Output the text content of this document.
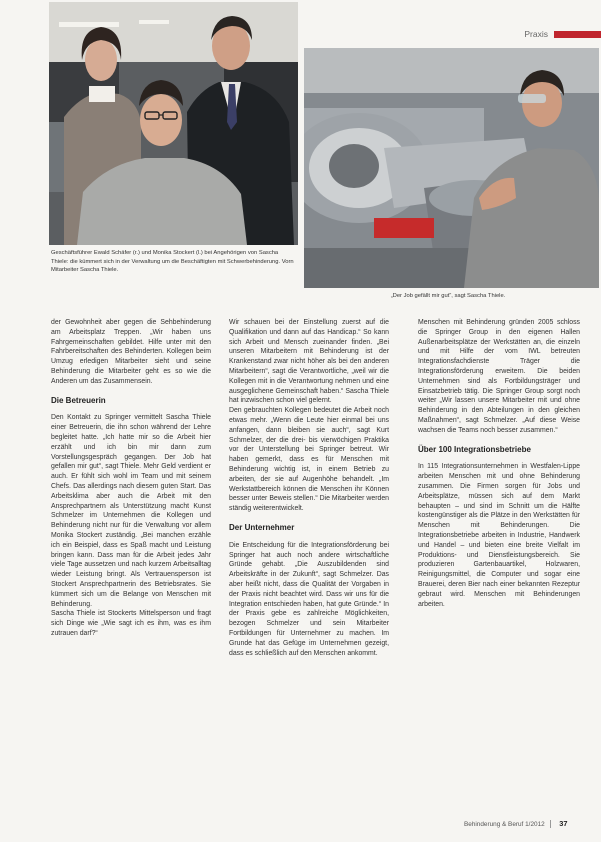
Praxis
Geschäftsführer Ewald Schäfer (r.) und Monika Stockert (l.) bei Angehörigen von Sascha Thiele: die kümmert sich in der Verwaltung um die Beschäftigten mit Schwerbehinderung. Vorn Mitarbeiter Sascha Thiele.
„Der Job gefällt mir gut“, sagt Sascha Thiele.

der Gewohnheit aber gegen die Sehbehinderung am Arbeitsplatz Treppen. „Wir haben uns Fahrgemeinschaften gebildet. Hilfe unter mit den Fahrbereitschaften des Behinderten. Kollegen beim Umzug erledigen Mitarbeiter sieht und seine Behinderung die Mitarbeiter geht es so wie die Anderen um das Zusammensein.

Die Betreuerin

Den Kontakt zu Springer vermittelt Sascha Thiele einer Betreuerin, die ihn schon während der Lehre begleitet hatte. „Ich hatte mir so die Arbeit hier erzählt und ich bin mir dann zum Vorstellungsgespräch gegangen. Der Job hat gefallen mir gut“, sagt Thiele. Mehr Geld verdient er auch. Er fühlt sich wohl im Team und mit seinem Chefs. Das allerdings nach diesem guten Start. Das Arbeitsklima aber auch die Arbeit mit den Ansprechpartnern als Unterstützung macht Kunst Schmelzer im Unternehmen die Kollegen und Behinderung nicht nur für die Verwaltung vor allem Monika Stockert zuständig. „Bei manchen erzähle ich ein Beispiel, dass es Spaß macht und Leistung bringen kann. Dass man für die Arbeit jedes Jahr viele Tage aussetzen und nach kurzem Arbeitsalltag wieder Leistung bringt. Als Vertrauensperson ist Stockert Ansprechpartnerin des Betriebsrates. Sie kümmert sich um die Belange von Menschen mit Behinderung.

Sascha Thiele ist Stockerts Mittelsperson und fragt sich Dinge wie „Wie sagt ich es ihm, was es ihm zutrauen darf?“

Wir schauen bei der Einstellung zuerst auf die Qualifikation und dann auf das Handicap.“ So kann sich Arbeit und Mensch zueinander finden. „Bei unseren Mitarbeitern mit Behinderung ist der Krankenstand zwar nicht höher als bei den anderen Mitarbeitern“, sagt die Verantwortliche, „weil wir die Kollegen mit in die Verantwortung nehmen und eine ausgeglichene Gemeinschaft haben.“ Sascha Thiele hat inzwischen schon viel gelernt.

Den gebrauchten Kollegen bedeutet die Arbeit noch etwas mehr. „Wenn die Leute hier einmal bei uns anfangen, dann bleiben sie auch“, sagt Kurt Schmelzer, der die drei- bis vierwöchigen Praktika vor der Unterstellung bei Springer betreut. Wir haben gemerkt, dass es für Menschen mit Behinderung wichtig ist, in einem Betrieb zu arbeiten, der sie auf Augenhöhe behandelt. „Im Werkstattbereich können die Menschen ihr Können besser unter Beweis stellen.“ Die Mitarbeiter werden ständig weiterentwickelt.

Der Unternehmer

Die Entscheidung für die Integrationsförderung bei Springer hat auch noch andere wirtschaftliche Gründe gehabt. „Die Auszubildenden sind Arbeitskräfte in der Zukunft“, sagt Schmelzer. Das aber heißt nicht, dass die Qualität der Vorgaben in der Praxis nicht beachtet wird. Dass wir uns für die Integration entschieden haben, hat gute Gründe.“ In der Praxis gebe es zahlreiche Möglichkeiten, bezogen Schmelzer und sein Mitarbeiter Fortbildungen für Unternehmer zu machen. Im Grunde hat das Gefüge im Unternehmen gezeigt, dass es schließlich auf den Menschen ankommt.

Menschen mit Behinderung gründen 2005 schloss die Springer Group in den eigenen Hallen Außenarbeitsplätze der Werkstätten an, die einzeln und mit Hilfe der vom IWL betreuten Integrationsfachdienste Träger die Integrationsförderung erweitern. Die beiden Unternehmen sind als Fortbildungsträger und Einsatzbetrieb tätig. Die Springer Group sorgt noch weiter „Wir lassen unsere Mitarbeiter mit und ohne Behinderung in den Abteilungen in den gleichen Maßnahmen“, sagt Schmelzer. „Auf diese Weise wachsen die Teams noch besser zusammen.“

Über 100 Integrationsbetriebe

In 115 Integrationsunternehmen in Westfalen-Lippe arbeiten Menschen mit und ohne Behinderung zusammen. Die Firmen sorgen für Jobs und Arbeitsplätze, müssen sich auf dem Markt behaupten – und sind im Schnitt um die Hälfte kostengünstiger als die Plätze in den Werkstätten für Menschen mit Behinderungen. Die Integrationsbetriebe arbeiten in Industrie, Handwerk und Handel – und bieten eine breite Vielfalt im Produktions- und Dienstleistungsbereich. Sie produzieren Gartenbauartikel, Holzwaren, Reinigungsmittel, die Computer und sogar eine Brauerei, deren Bier nach einer bekannten Rezeptur gebraut wird. Menschen mit Behinderungen arbeiten.

Behinderung & Beruf 1/2012 37
